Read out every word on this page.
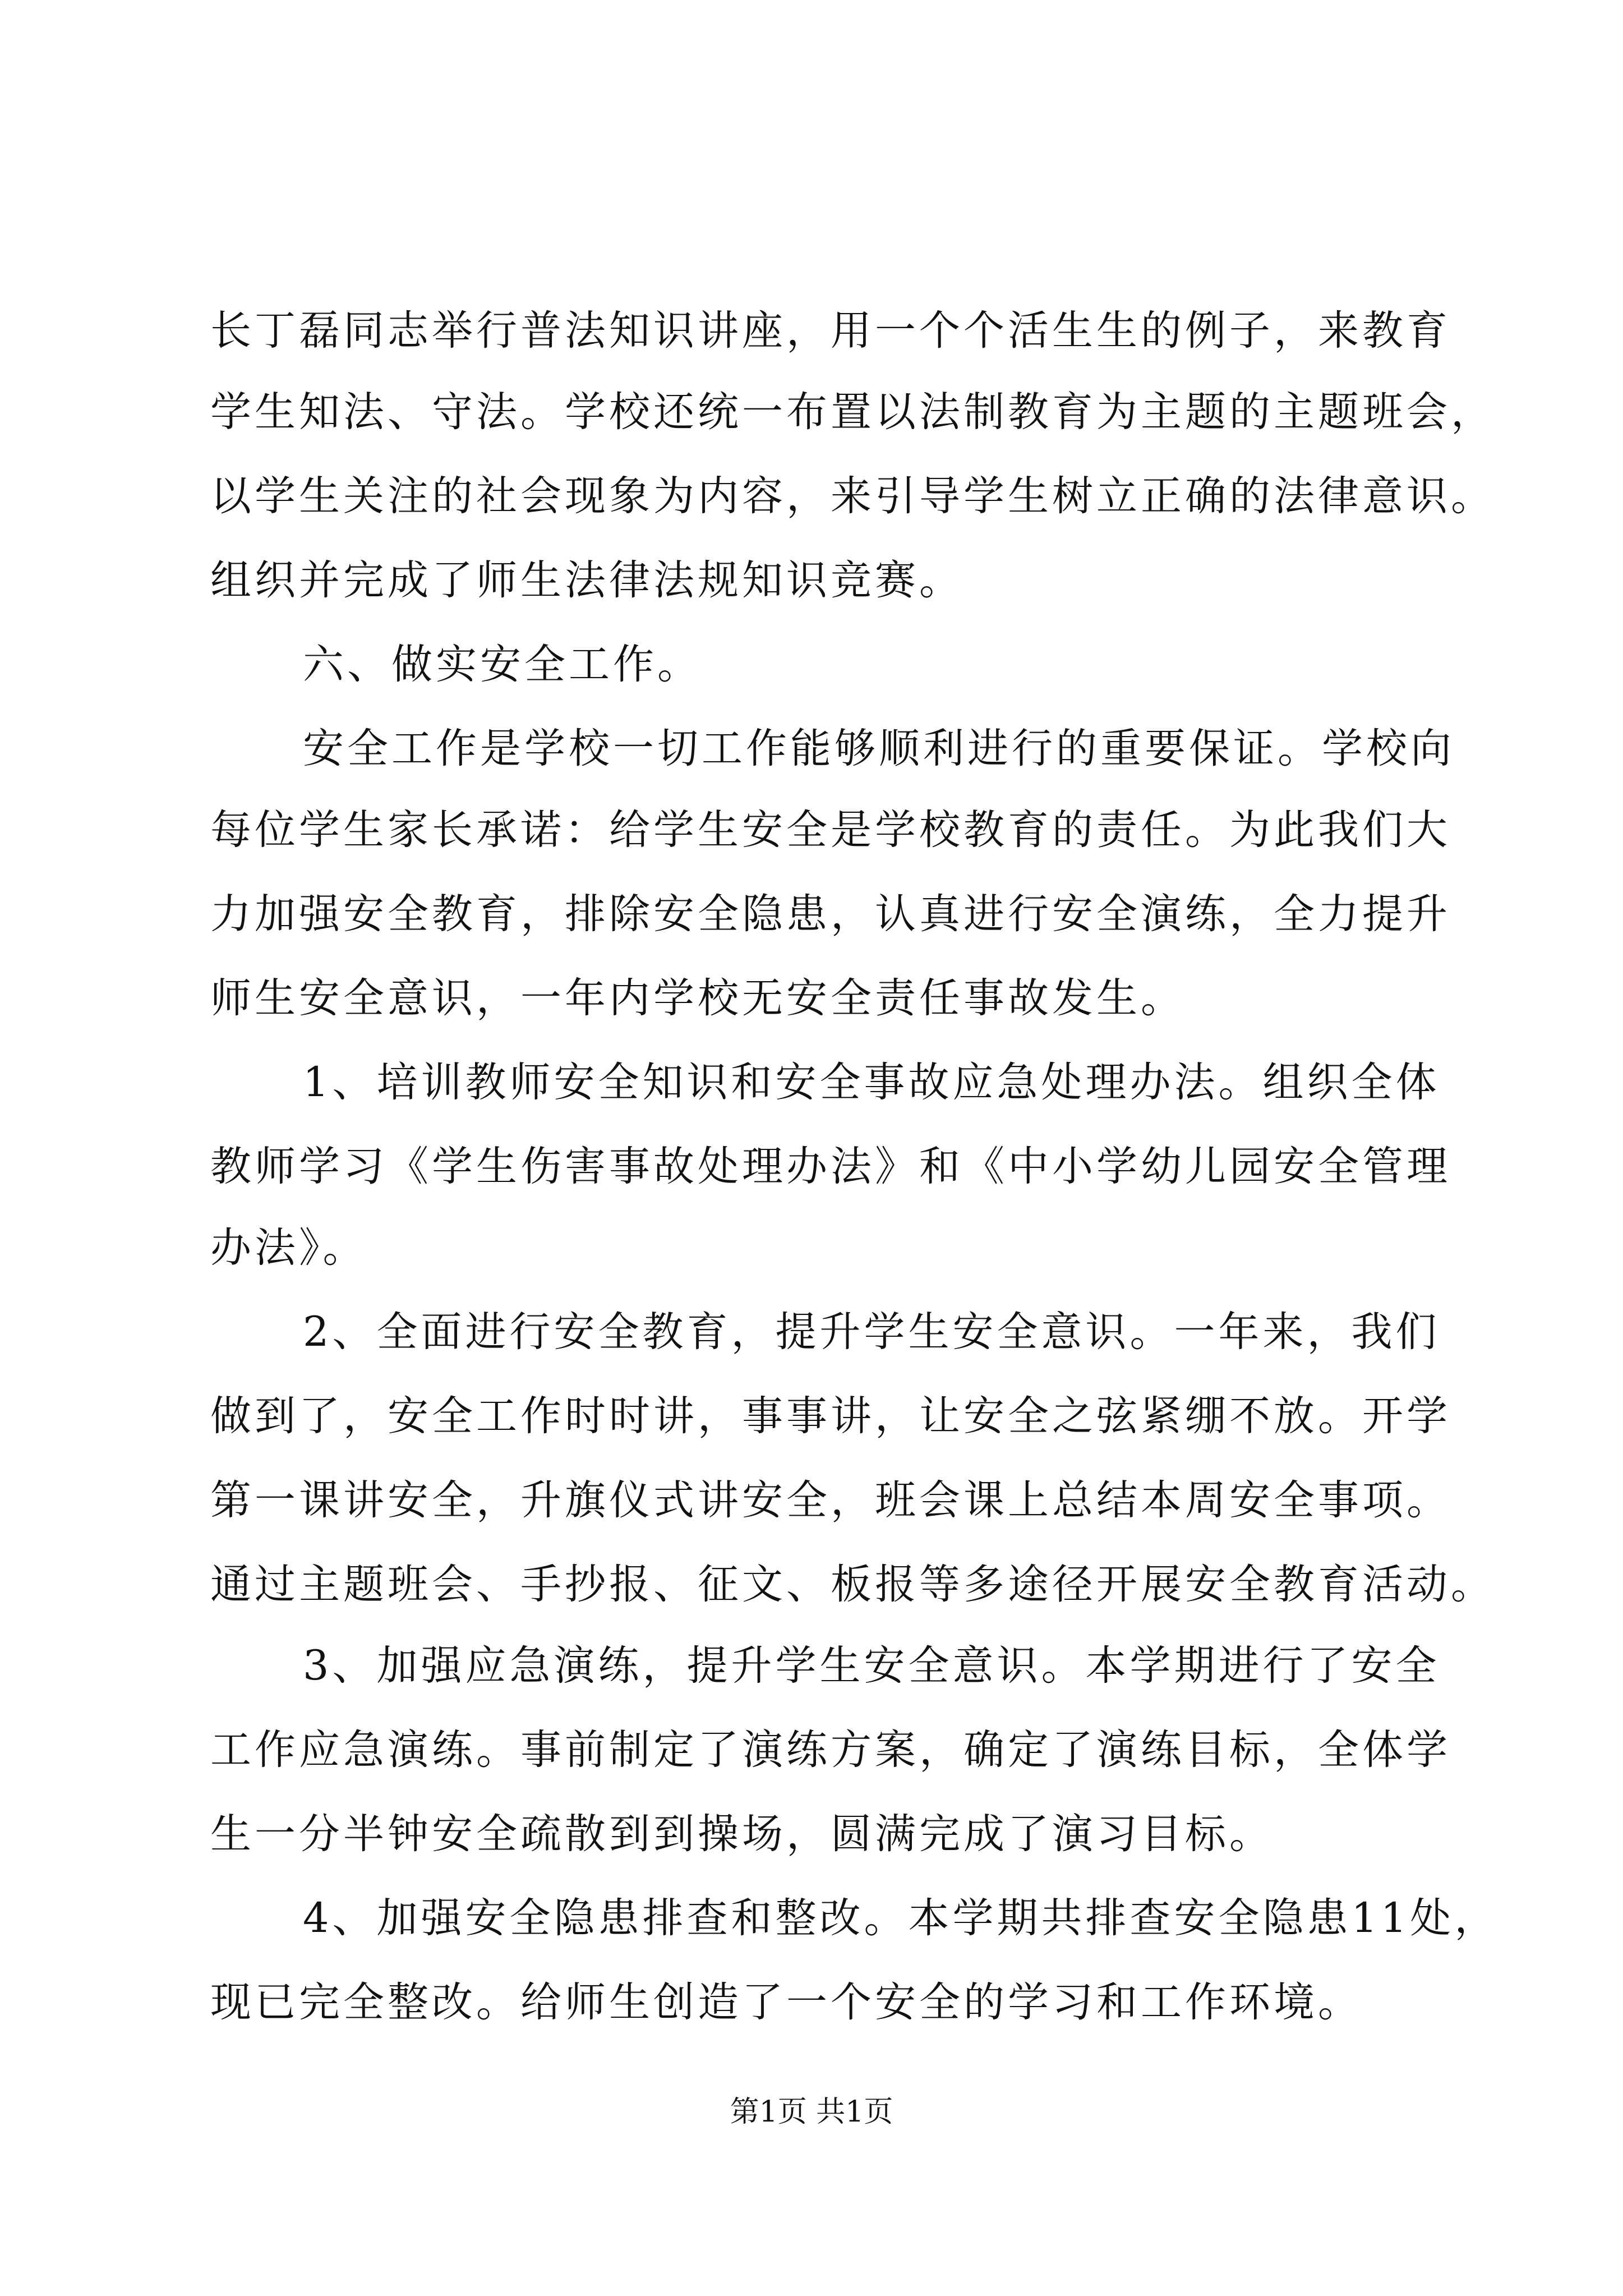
长丁磊同志举行普法知识讲座，用一个个活生生的例子，来教育
学生知法、守法。学校还统一布置以法制教育为主题的主题班会，
以学生关注的社会现象为内容，来引导学生树立正确的法律意识。
组织并完成了师生法律法规知识竞赛。
六、做实安全工作。
安全工作是学校一切工作能够顺利进行的重要保证。学校向
每位学生家长承诺：给学生安全是学校教育的责任。为此我们大
力加强安全教育，排除安全隐患，认真进行安全演练，全力提升
师生安全意识，一年内学校无安全责任事故发生。
1、培训教师安全知识和安全事故应急处理办法。组织全体
教师学习《学生伤害事故处理办法》和《中小学幼儿园安全管理
办法》。
2、全面进行安全教育，提升学生安全意识。一年来，我们
做到了，安全工作时时讲，事事讲，让安全之弦紧绷不放。开学
第一课讲安全，升旗仪式讲安全，班会课上总结本周安全事项。
通过主题班会、手抄报、征文、板报等多途径开展安全教育活动。
3、加强应急演练，提升学生安全意识。本学期进行了安全
工作应急演练。事前制定了演练方案，确定了演练目标，全体学
生一分半钟安全疏散到到操场，圆满完成了演习目标。
4、加强安全隐患排查和整改。本学期共排查安全隐患11处，
现已完全整改。给师生创造了一个安全的学习和工作环境。
第1页 共1页
